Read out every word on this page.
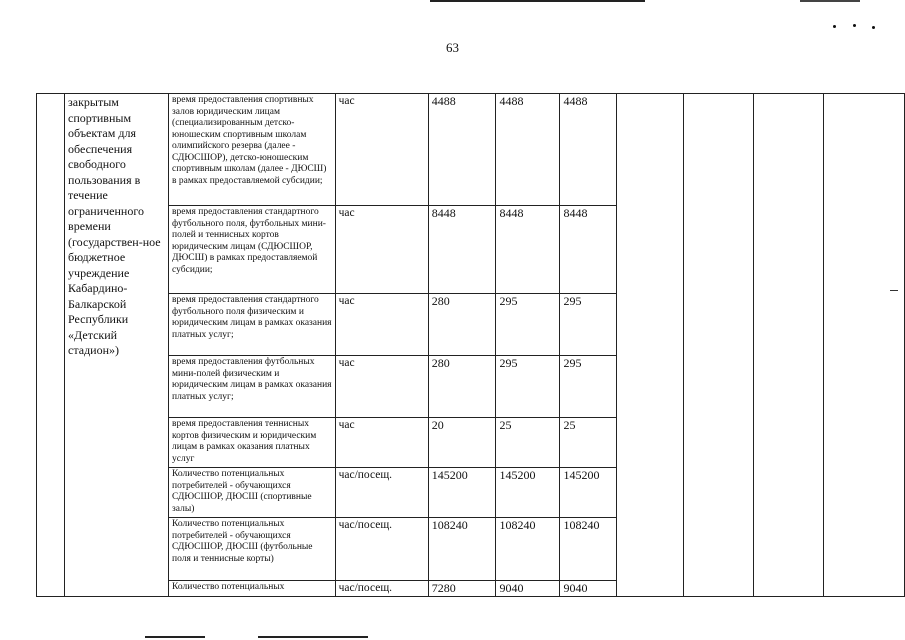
63
	закрытым спортивным объектам для обеспечения свободного пользования в течение ограниченного времени (государствен-ное бюджетное учреждение Кабардино-Балкарской Республики «Детский стадион»)	время предоставления спортивных залов юридическим лицам (специализированным детско-юношеским спортивным школам олимпийского резерва (далее - СДЮСШОР), детско-юношеским спортивным школам (далее - ДЮСШ) в рамках предоставляемой субсидии;	час	4488	4488	4488				
		время предоставления стандартного футбольного поля, футбольных мини-полей и теннисных кортов юридическим лицам (СДЮСШОР, ДЮСШ) в рамках предоставляемой субсидии;	час	8448	8448	8448				
		время предоставления стандартного футбольного поля физическим и юридическим лицам в рамках оказания платных услуг;	час	280	295	295				
		время предоставления футбольных мини-полей физическим и юридическим лицам в рамках оказания платных услуг;	час	280	295	295				
		время предоставления теннисных кортов физическим и юридическим лицам в рамках оказания платных услуг	час	20	25	25				
		Количество потенциальных потребителей - обучающихся СДЮСШОР, ДЮСШ (спортивные залы)	час/посещ.	145200	145200	145200				
		Количество потенциальных потребителей - обучающихся СДЮСШОР, ДЮСШ (футбольные поля и теннисные корты)	час/посещ.	108240	108240	108240				
		Количество потенциальных	час/посещ.	7280	9040	9040				
